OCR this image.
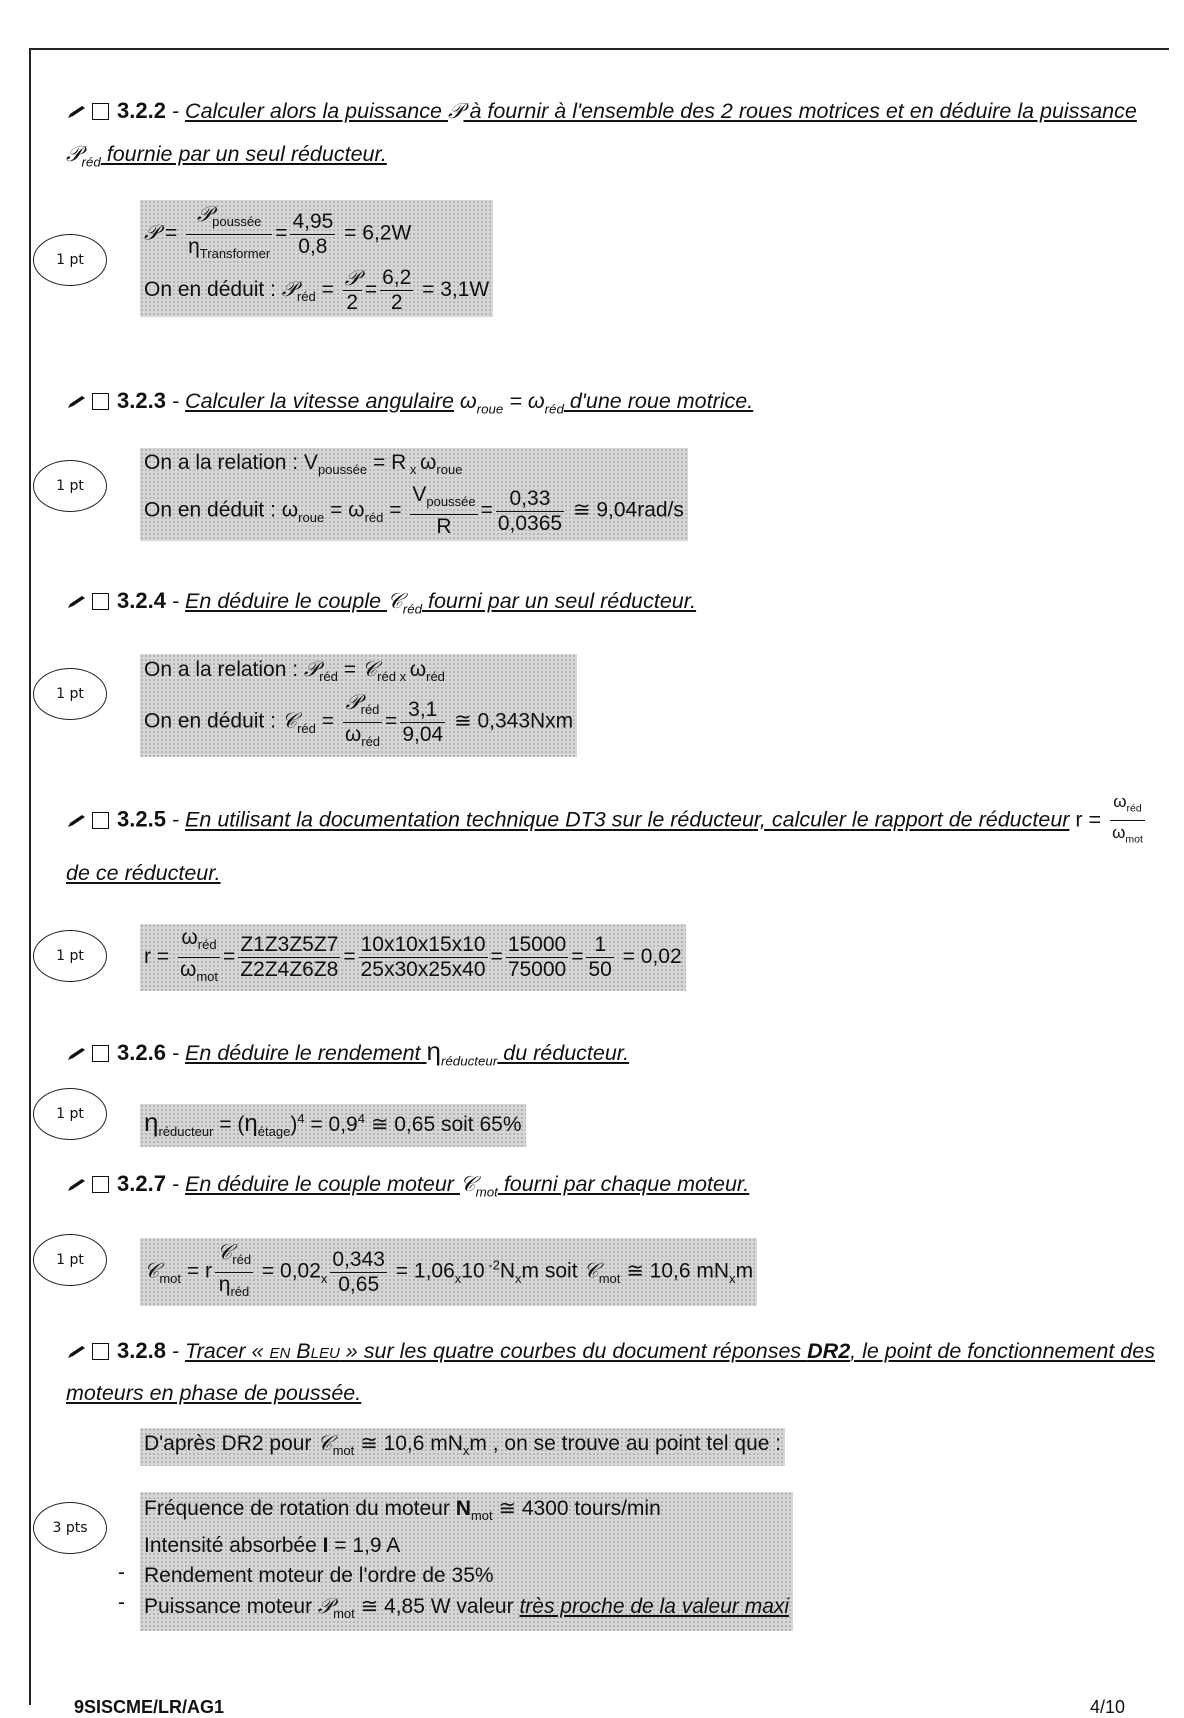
3.2.2 - Calculer alors la puissance 𝒫 à fournir à l'ensemble des 2 roues motrices et en déduire la puissance 𝒫$_{réd}$ fournie par un seul réducteur.
1 pt
𝒫 = $\frac{𝒫_{poussée}}{\eta_{Transformer}} = \frac{4,95}{0,8} = 6,2W$
On en déduit : 𝒫$_{réd}$ = $\frac{\text{𝒫}}{2} = \frac{6,2}{2} = 3,1W$
3.2.3 - Calculer la vitesse angulaire $\omega_{roue} = \omega_{réd}$ d'une roue motrice.
1 pt
On a la relation : $V_{poussée} = R$ $_x$ $\omega_{roue}$
On en déduit : $\omega_{roue} = \omega_{réd} = \frac{V_{poussée}}{R} = \frac{0,33}{0,0365}$ ≅ 9,04rad/s
3.2.4 - En déduire le couple 𝒞$_{réd}$ fourni par un seul réducteur.
1 pt
On a la relation : 𝒫$_{réd}$ = 𝒞$_{réd}$ $_x$ $\omega_{réd}$
On en déduit : 𝒞$_{réd}$ = $\frac{𝒫_{réd}}{\omega_{réd}} = \frac{3,1}{9,04}$ ≅ 0,343Nxm
3.2.5 - En utilisant la documentation technique DT3 sur le réducteur, calculer le rapport de réducteur $r = \frac{\omega_{réd}}{\omega_{mot}}$
de ce réducteur.
1 pt	$r = \frac{\omega_{réd}}{\omega_{mot}} = \frac{Z1Z3Z5Z7}{Z2Z4Z6Z8} = \frac{10x10x15x10}{25x30x25x40} = \frac{15000}{75000} = \frac{1}{50} = 0,02$
3.2.6 - En déduire le rendement $\eta_{réducteur}$ du réducteur.
1 pt	$\eta_{réducteur} = (\eta_{étage})^4 = 0,9^4$ ≅ 0,65 soit 65%
3.2.7 - En déduire le couple moteur 𝒞$_{mot}$ fourni par chaque moteur.
1 pt	𝒞$_{mot}$ = r $\frac{𝒞_{réd}}{\eta_{réd}} = 0,02_x \frac{0,343}{0,65} = 1,06_x10$ $^{-2}N_xm$ soit 𝒞$_{mot}$ ≅ 10,6 $mN_xm$
3.2.8 - Tracer « en Bleu » sur les quatre courbes du document réponses DR2, le point de fonctionnement des moteurs en phase de poussée.
D'après DR2 pour 𝒞$_{mot}$ ≅ 10,6 $mN_xm$ , on se trouve au point tel que :
3 pts
Fréquence de rotation du moteur $N_{mot}$ ≅ 4300 tours/min
Intensité absorbée I = 1,9 A
Rendement moteur de l'ordre de 35%
Puissance moteur 𝒫$_{mot}$ ≅ 4,85 W valeur très proche de la valeur maxi
-
-
9SISCME/LR/AG1	4/10
